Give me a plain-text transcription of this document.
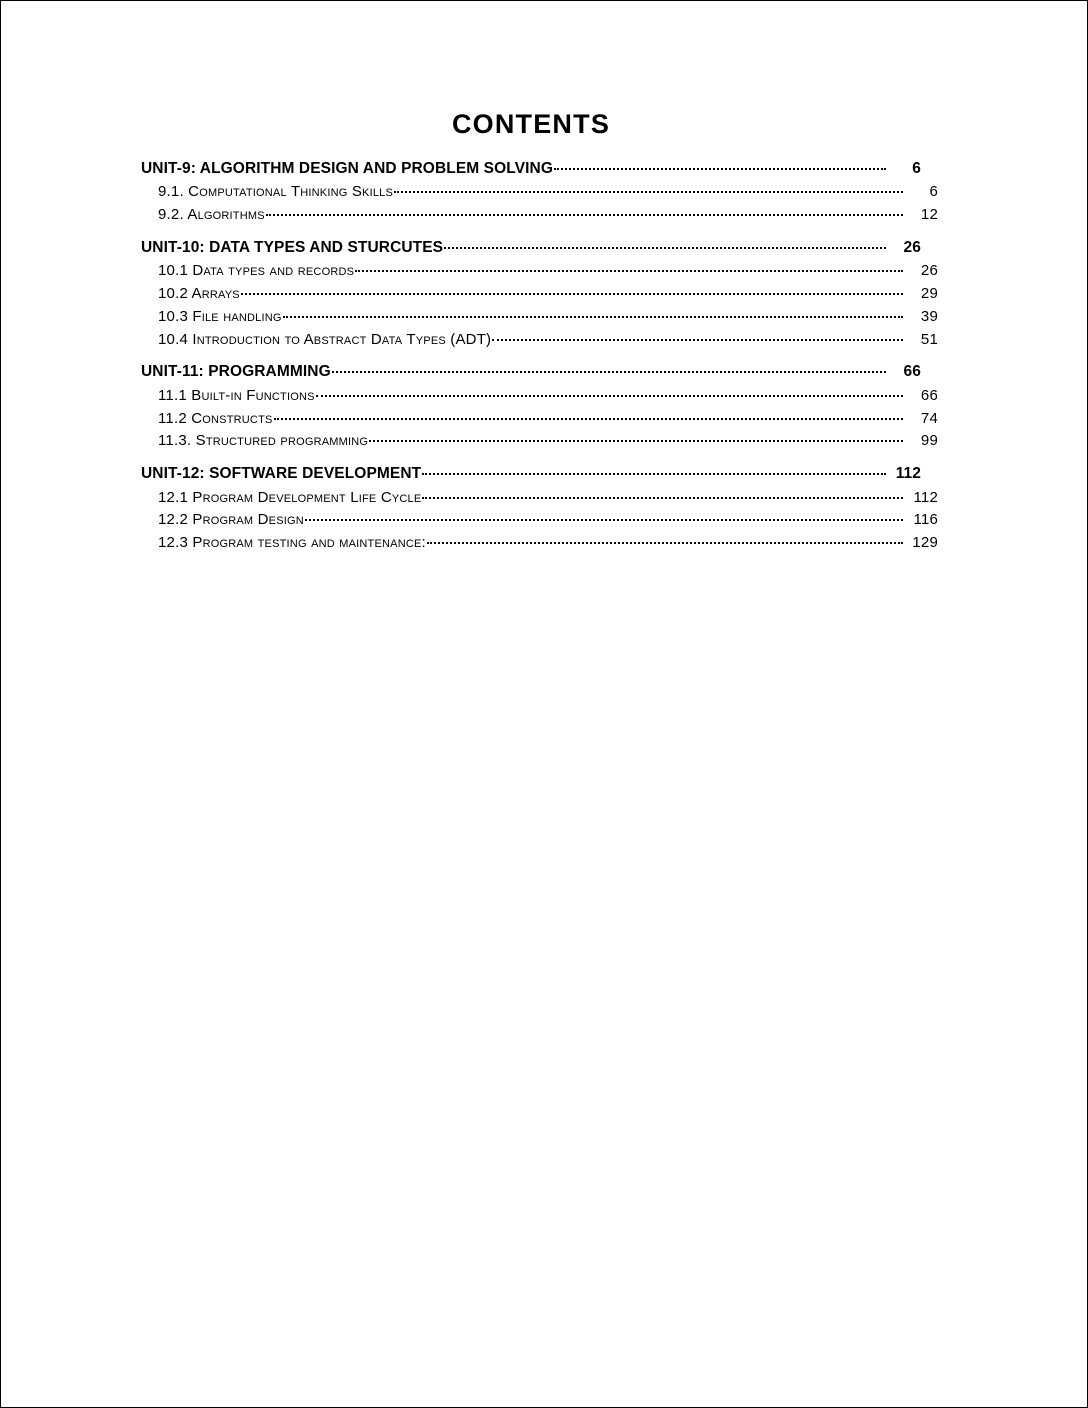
CONTENTS
UNIT-9: ALGORITHM DESIGN AND PROBLEM SOLVING	6
9.1. Computational Thinking Skills	6
9.2. Algorithms	12
UNIT-10: DATA TYPES AND STURCUTES	26
10.1 Data types and records	26
10.2 Arrays	29
10.3 File handling	39
10.4 Introduction to Abstract Data Types (ADT)	51
UNIT-11: PROGRAMMING	66
11.1 Built-in Functions	66
11.2 Constructs	74
11.3. Structured programming	99
UNIT-12: SOFTWARE DEVELOPMENT	112
12.1 Program Development Life Cycle	112
12.2 Program Design	116
12.3 Program testing and maintenance:	129
